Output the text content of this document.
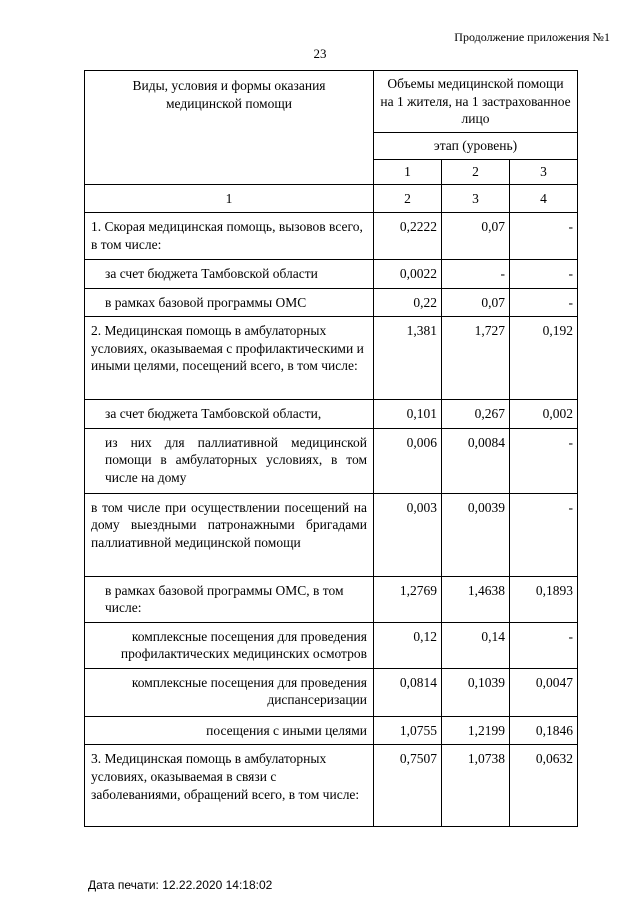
Продолжение приложения №1
23
Виды, условия и формы оказания медицинской помощи	Объемы медицинской помощи на 1 жителя, на 1 застрахованное лицо		
	этап (уровень)		
	1	2	3
1	2	3	4
1. Скорая медицинская помощь, вызовов всего, в том числе:	0,2222	0,07	-
за счет бюджета Тамбовской области	0,0022	-	-
в рамках базовой программы ОМС	0,22	0,07	-
2. Медицинская помощь в амбулаторных условиях, оказываемая с профилактическими и иными целями, посещений всего, в том числе:	1,381	1,727	0,192
за счет бюджета Тамбовской области,	0,101	0,267	0,002
из них для паллиативной медицинской помощи в амбулаторных условиях, в том числе на дому	0,006	0,0084	-
в том числе при осуществлении посещений на дому выездными патронажными бригадами паллиативной медицинской помощи	0,003	0,0039	-
в рамках базовой программы ОМС, в том числе:	1,2769	1,4638	0,1893
комплексные посещения для проведения профилактических медицинских осмотров	0,12	0,14	-
комплексные посещения для проведения диспансеризации	0,0814	0,1039	0,0047
посещения с иными целями	1,0755	1,2199	0,1846
3. Медицинская помощь в амбулаторных условиях, оказываемая в связи с заболеваниями, обращений всего, в том числе:	0,7507	1,0738	0,0632
Дата печати: 12.22.2020 14:18:02
